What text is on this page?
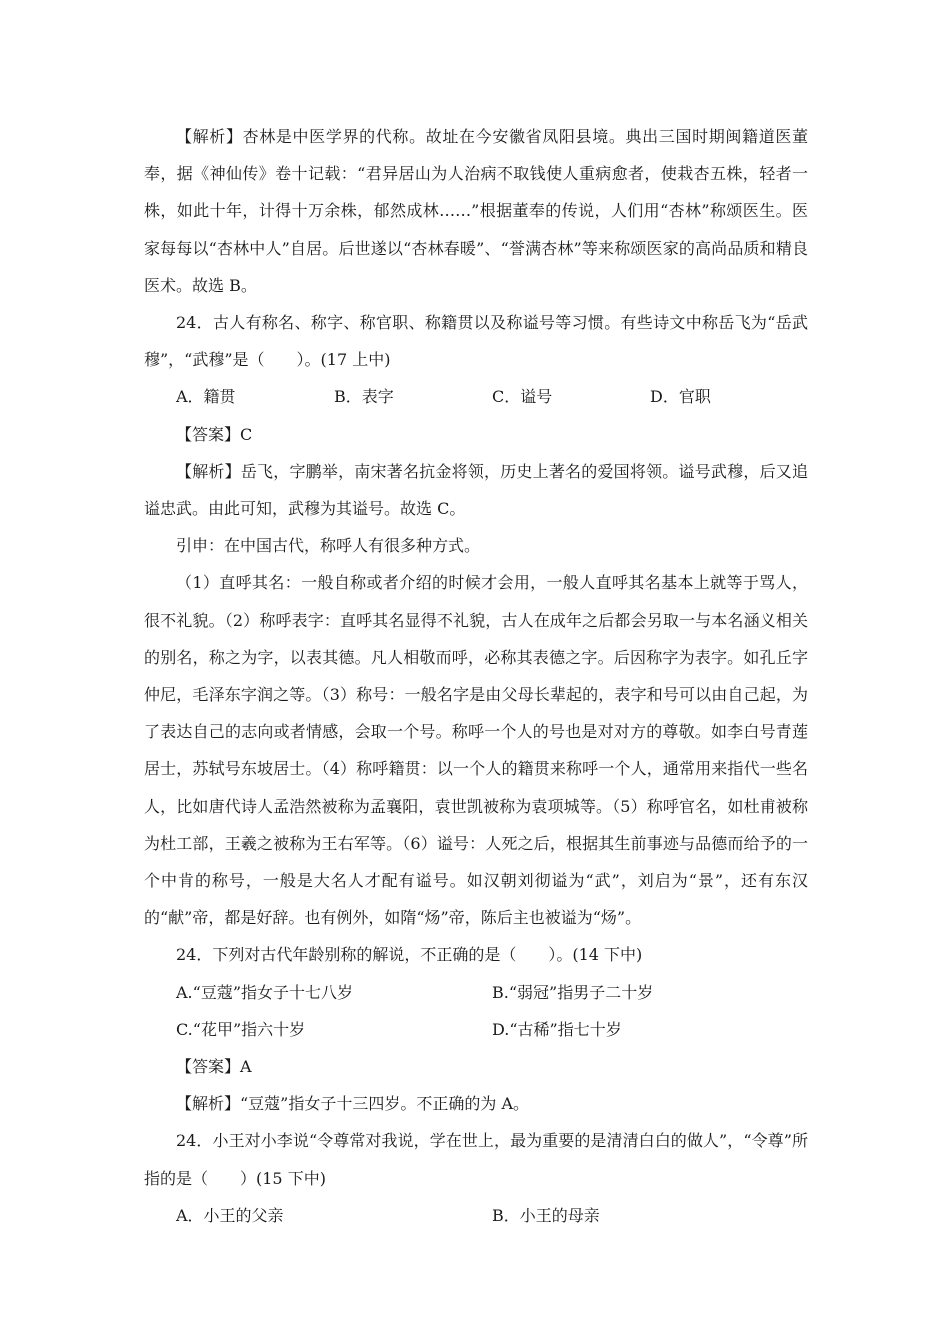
【解析】杏林是中医学界的代称。故址在今安徽省凤阳县境。典出三国时期闽籍道医董奉，据《神仙传》卷十记载：“君异居山为人治病不取钱使人重病愈者，使栽杏五株，轻者一株，如此十年，计得十万余株，郁然成林……”根据董奉的传说，人们用“杏林”称颂医生。医家每每以“杏林中人”自居。后世遂以“杏林春暖”、“誉满杏林”等来称颂医家的高尚品质和精良医术。故选 B。

24．古人有称名、称字、称官职、称籍贯以及称谥号等习惯。有些诗文中称岳飞为“岳武穆”，“武穆”是（　　）。(17 上中)

A．籍贯	B．表字	C．谥号	D．官职

【答案】C

【解析】岳飞，字鹏举，南宋著名抗金将领，历史上著名的爱国将领。谥号武穆，后又追谥忠武。由此可知，武穆为其谥号。故选 C。

引申：在中国古代，称呼人有很多种方式。

（1）直呼其名：一般自称或者介绍的时候才会用，一般人直呼其名基本上就等于骂人，很不礼貌。（2）称呼表字：直呼其名显得不礼貌，古人在成年之后都会另取一与本名涵义相关的别名，称之为字，以表其德。凡人相敬而呼，必称其表德之字。后因称字为表字。如孔丘字仲尼，毛泽东字润之等。（3）称号：一般名字是由父母长辈起的，表字和号可以由自己起，为了表达自己的志向或者情感，会取一个号。称呼一个人的号也是对对方的尊敬。如李白号青莲居士，苏轼号东坡居士。（4）称呼籍贯：以一个人的籍贯来称呼一个人，通常用来指代一些名人，比如唐代诗人孟浩然被称为孟襄阳，袁世凯被称为袁项城等。（5）称呼官名，如杜甫被称为杜工部，王羲之被称为王右军等。（6）谥号：人死之后，根据其生前事迹与品德而给予的一个中肯的称号，一般是大名人才配有谥号。如汉朝刘彻谥为“武”，刘启为“景”，还有东汉的“献”帝，都是好辞。也有例外，如隋“炀”帝，陈后主也被谥为“炀”。

24．下列对古代年龄别称的解说，不正确的是（　　）。(14 下中)

A.“豆蔻”指女子十七八岁	B.“弱冠”指男子二十岁
C.“花甲”指六十岁	D.“古稀”指七十岁

【答案】A

【解析】“豆蔻”指女子十三四岁。不正确的为 A。

24．小王对小李说“令尊常对我说，学在世上，最为重要的是清清白白的做人”，“令尊”所指的是（　　）(15 下中)

A．小王的父亲	B．小王的母亲
